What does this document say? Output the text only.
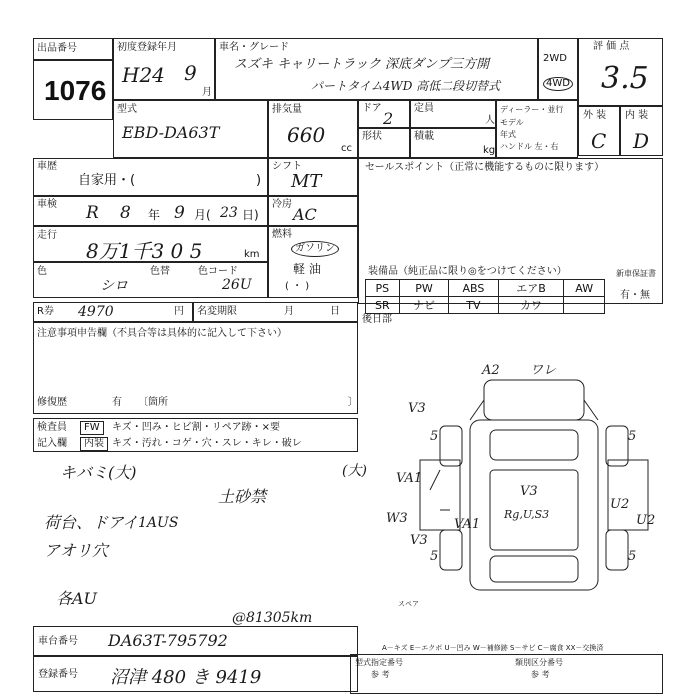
出品番号
1076
初度登録年月
H24 9
月
車名・グレード
スズキ キャリートラック 深底ダンプ三方開
パートタイム4WD 高低二段切替式
2WD
4WD
評 価 点
3.5
外 装
C
内 装
D
型式
EBD-DA63T
排気量
660
cc
ドア
2
定員
人
形状	積載
kg
ディーラー・並行
モデル
年式
ハンドル 左・右
車歴
自家用・(	)
シフト
MT
セールスポイント（正常に機能するものに限ります）
車検 R 8 年 9 月( 23 日)
冷房
AC
走行
8万1千3 0 5	km
燃料
ガソリン
軽 油
( ・ )
色
シロ
色替	色コード
26U
装備品（純正品に限り◎をつけてください）
PS	PW	ABS	エアB	AW
SR	ナビ	TV	カワ	
新車保証書
有・無
R券 4970	円 名変期限	月	日
後日部
注意事項申告欄（不具合等は具体的に記入して下さい）
修復歴	有 〔箇所	〕
検査員	FW	キズ・凹み・ヒビ割・リペア跡・×要
記入欄	内装 キズ・汚れ・コゲ・穴・スレ・キレ・破レ
キバミ(大)	(大)
土砂禁
荷台、ドアイ 1AUS
アオリ穴
各AU
@81305km
A2 ワレ
V3
5	5
V3
U2
VA1
W3	VA1
Rg,U,S3
U2
5	5
V3
スペア
A－キズ E－エクボ U－凹み W－補修跡 S－サビ C－腐食 XX－交換済
車台番号 DA63T-795792
登録番号 沼津 480 き 9419
型式指定番号
参 考
類別区分番号
参 考
